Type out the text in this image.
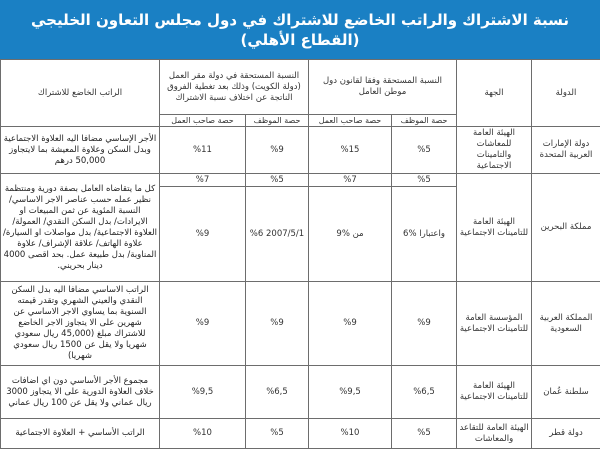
نسبة الاشتراك والراتب الخاضع للاشتراك في دول مجلس التعاون الخليجي
(القطاع الأهلي)
الدولة	الجهة	النسبة المستحقة وفقا لقانون دول موطن العامل		النسبة المستحقة في دولة مقر العمل (دولة الكويت) وذلك بعد تغطية الفروق الناتجة عن اختلاف نسبة الاشتراك		الراتب الخاضع للاشتراك
		حصة الموظف	حصة صاحب العمل	حصة الموظف	حصة صاحب العمل	
دولة الإمارات العربية المتحدة	الهيئة العامة للمعاشات والتامينات الاجتماعية	%5	%15	%9	%11	الأجر الإساسي مضافا اليه العلاوة الاجتماعية وبدل السكن وعلاوة المعيشة بما لايتجاوز 50,000 درهم
مملكة البحرين	الهيئة العامة للتامينات الاجتماعية	%5	%7	%5	%7	كل ما يتقاضاه العامل بصفة دورية ومنتظمة نظير عمله حسب عناصر الاجر الاساسي/ النسبة المئوية عن ثمن المبيعات او الايرادات/ بدل السكن النقدي/ العمولة/ العلاوة الاجتماعية/ بدل مواصلات او السيارة/ علاوة الهاتف/ علاقة الإشراف/ علاوة المناوبة/ بدل طبيعة عمل. بحد اقصى 4000 دينار بحريني.
		واعتبارا %6	من %9	2007/5/1 %6	%9	
المملكة العربية السعودية	المؤسسة العامة للتامينات الاجتماعية	%9	%9	%9	%9	الراتب الاساسي مضافا اليه بدل السكن النقدي والعيني الشهري وتقدر قيمته السنوية بما يساوي الاجر الاساسي عن شهرين على الا يتجاوز الاجر الخاضع للاشتراك مبلغ (45,000 ريال سعودي شهريا ولا يقل عن 1500 ريال سعودي شهريا)
سلطنة عُمان	الهيئة العامة للتامينات الاجتماعية	%6,5	%9,5	%6,5	%9,5	مجموع الأجر الأساسي دون اي اضافات خلاف العلاوة الدورية على الا يتجاوز 3000 ريال عماني ولا يقل عن 100 ريال عماني
دولة قطر	الهيئة العامة للتقاعد والمعاشات	%5	%10	%5	%10	الراتب الأساسي + العلاوة الاجتماعية
